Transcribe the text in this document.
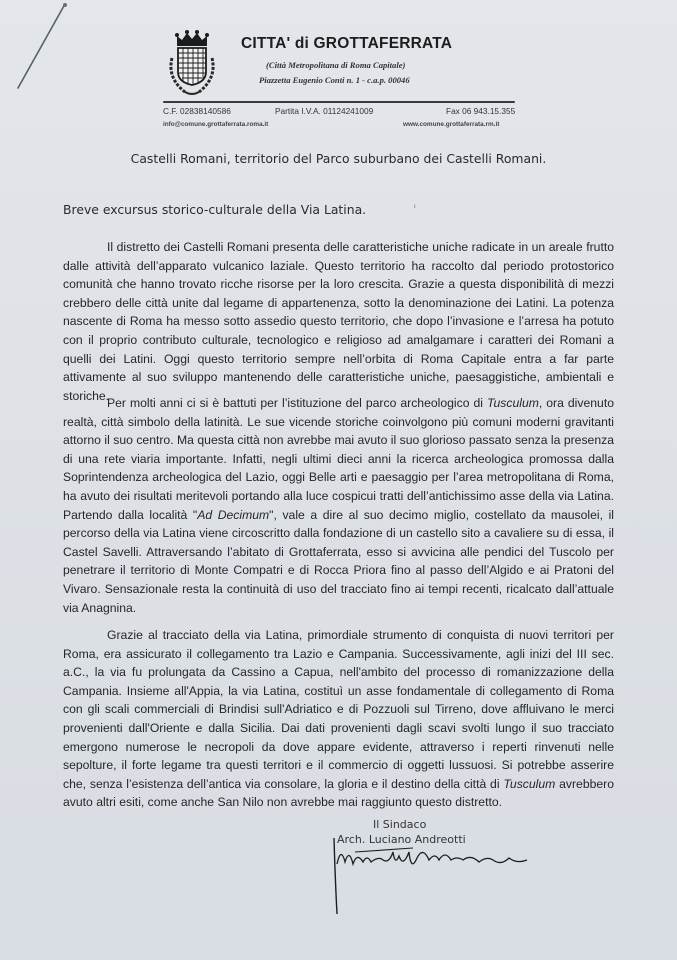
CITTA' di GROTTAFERRATA
(Città Metropolitana di Roma Capitale)
Piazzetta Eugenio Conti n. 1 - c.a.p. 00046
C.F. 02838140586	Partita I.V.A. 01124241009	Fax 06 943.15.355
info@comune.grottaferrata.roma.it	www.comune.grottaferrata.rm.it
Castelli Romani, territorio del Parco suburbano dei Castelli Romani.
Breve excursus storico-culturale della Via Latina.	ı

Il distretto dei Castelli Romani presenta delle caratteristiche uniche radicate in un areale frutto dalle attività dell’apparato vulcanico laziale. Questo territorio ha raccolto dal periodo protostorico comunità che hanno trovato ricche risorse per la loro crescita. Grazie a questa disponibilità di mezzi crebbero delle città unite dal legame di appartenenza, sotto la denominazione dei Latini. La potenza nascente di Roma ha messo sotto assedio questo territorio, che dopo l’invasione e l’arresa ha potuto con il proprio contributo culturale, tecnologico e religioso ad amalgamare i caratteri dei Romani a quelli dei Latini. Oggi questo territorio sempre nell’orbita di Roma Capitale entra a far parte attivamente al suo sviluppo mantenendo delle caratteristiche uniche, paesaggistiche, ambientali e storiche.

Per molti anni ci si è battuti per l’istituzione del parco archeologico di Tusculum, ora divenuto realtà, città simbolo della latinità. Le sue vicende storiche coinvolgono più comuni moderni gravitanti attorno il suo centro. Ma questa città non avrebbe mai avuto il suo glorioso passato senza la presenza di una rete viaria importante. Infatti, negli ultimi dieci anni la ricerca archeologica promossa dalla Soprintendenza archeologica del Lazio, oggi Belle arti e paesaggio per l’area metropolitana di Roma, ha avuto dei risultati meritevoli portando alla luce cospicui tratti dell’antichissimo asse della via Latina. Partendo dalla località "Ad Decimum", vale a dire al suo decimo miglio, costellato da mausolei, il percorso della via Latina viene circoscritto dalla fondazione di un castello sito a cavaliere su di essa, il Castel Savelli. Attraversando l’abitato di Grottaferrata, esso si avvicina alle pendici del Tuscolo per penetrare il territorio di Monte Compatri e di Rocca Priora fino al passo dell’Algido e ai Pratoni del Vivaro. Sensazionale resta la continuità di uso del tracciato fino ai tempi recenti, ricalcato dall’attuale via Anagnina.

Grazie al tracciato della via Latina, primordiale strumento di conquista di nuovi territori per Roma, era assicurato il collegamento tra Lazio e Campania. Successivamente, agli inizi del III sec. a.C., la via fu prolungata da Cassino a Capua, nell'ambito del processo di romanizzazione della Campania. Insieme all'Appia, la via Latina, costituì un asse fondamentale di collegamento di Roma con gli scali commerciali di Brindisi sull'Adriatico e di Pozzuoli sul Tirreno, dove affluivano le merci provenienti dall'Oriente e dalla Sicilia. Dai dati provenienti dagli scavi svolti lungo il suo tracciato emergono numerose le necropoli da dove appare evidente, attraverso i reperti rinvenuti nelle sepolture, il forte legame tra questi territori e il commercio di oggetti lussuosi. Si potrebbe asserire che, senza l’esistenza dell’antica via consolare, la gloria e il destino della città di Tusculum avrebbero avuto altri esiti, come anche San Nilo non avrebbe mai raggiunto questo distretto.

Il Sindaco
Arch. Luciano Andreotti
